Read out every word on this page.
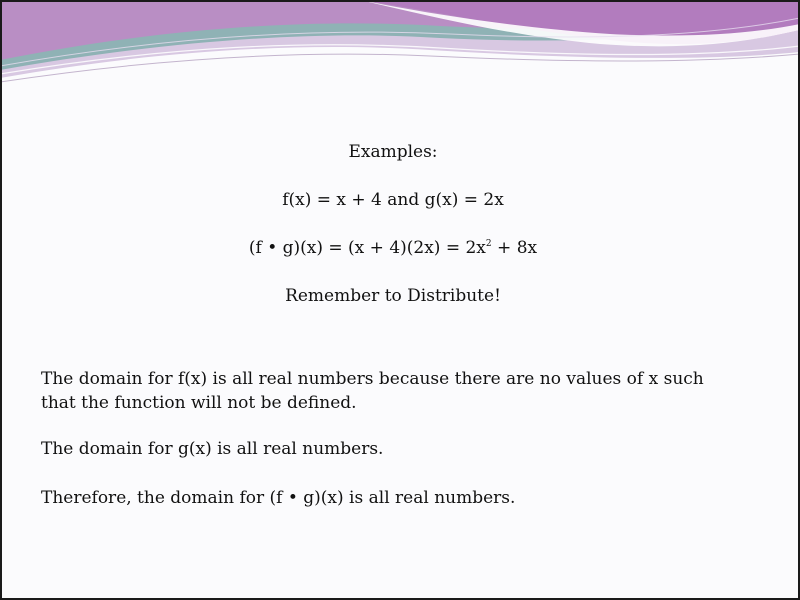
Examples:
f(x) = x + 4 and g(x) = 2x
(f • $g)(x) = (x + 4)(2x) = 2x^2 + 8x$
Remember to Distribute!
The domain for f(x) is all real numbers because there are no values of x such
that the function will not be defined.
The domain for g(x) is all real numbers.
Therefore, the domain for (f • g)(x) is all real numbers.
